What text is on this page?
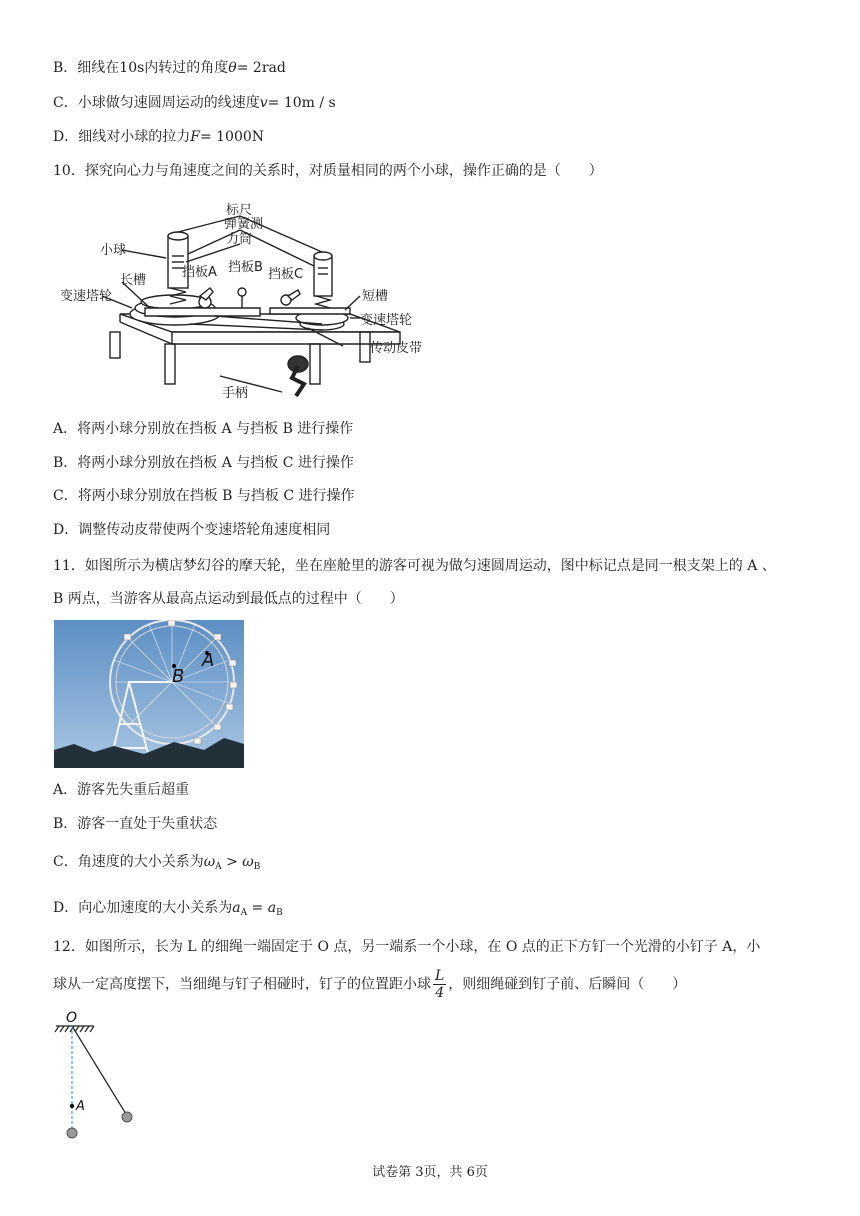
B．细线在10s内转过的角度θ= 2rad
C．小球做匀速圆周运动的线速度v= 10m / s
D．细线对小球的拉力F= 1000N
10．探究向心力与角速度之间的关系时，对质量相同的两个小球，操作正确的是（　　）
标尺
弹簧测
力筒
小球
挡板A 挡板B 挡板C
长槽
短槽
变速塔轮
变速塔轮
传动皮带
手柄
A．将两小球分别放在挡板 A 与挡板 B 进行操作
B．将两小球分别放在挡板 A 与挡板 C 进行操作
C．将两小球分别放在挡板 B 与挡板 C 进行操作
D．调整传动皮带使两个变速塔轮角速度相同
11．如图所示为横店梦幻谷的摩天轮，坐在座舱里的游客可视为做匀速圆周运动，图中标记点是同一根支架上的 A 、
B 两点，当游客从最高点运动到最低点的过程中（　　）
B
A
A．游客先失重后超重
B．游客一直处于失重状态
C．角速度的大小关系为$\omega_A > \omega_B$
D．向心加速度的大小关系为$a_A = a_B$
12．如图所示，长为 L 的细绳一端固定于 O 点，另一端系一个小球，在 O 点的正下方钉一个光滑的小钉子 A，小
球从一定高度摆下，当细绳与钉子相碰时，钉子的位置距小球 $\frac{L}{4}$ ，则细绳碰到钉子前、后瞬间（　　）
O
A
试卷第 3页，共 6页
